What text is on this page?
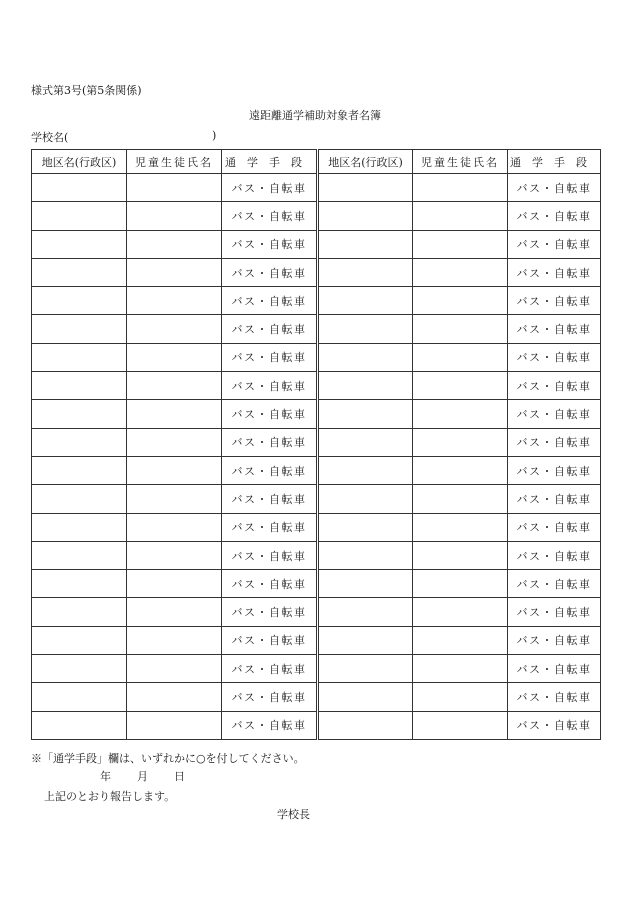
様式第3号(第5条関係)
遠距離通学補助対象者名簿
学校名(	)
地区名(行政区)	児童生徒氏名	通学手段	地区名(行政区)	児童生徒氏名	通学手段
		バス・自転車			バス・自転車
		バス・自転車			バス・自転車
		バス・自転車			バス・自転車
		バス・自転車			バス・自転車
		バス・自転車			バス・自転車
		バス・自転車			バス・自転車
		バス・自転車			バス・自転車
		バス・自転車			バス・自転車
		バス・自転車			バス・自転車
		バス・自転車			バス・自転車
		バス・自転車			バス・自転車
		バス・自転車			バス・自転車
		バス・自転車			バス・自転車
		バス・自転車			バス・自転車
		バス・自転車			バス・自転車
		バス・自転車			バス・自転車
		バス・自転車			バス・自転車
		バス・自転車			バス・自転車
		バス・自転車			バス・自転車
		バス・自転車			バス・自転車
※「通学手段」欄は、いずれかに○を付してください。
年 月 日
上記のとおり報告します。
学校長
